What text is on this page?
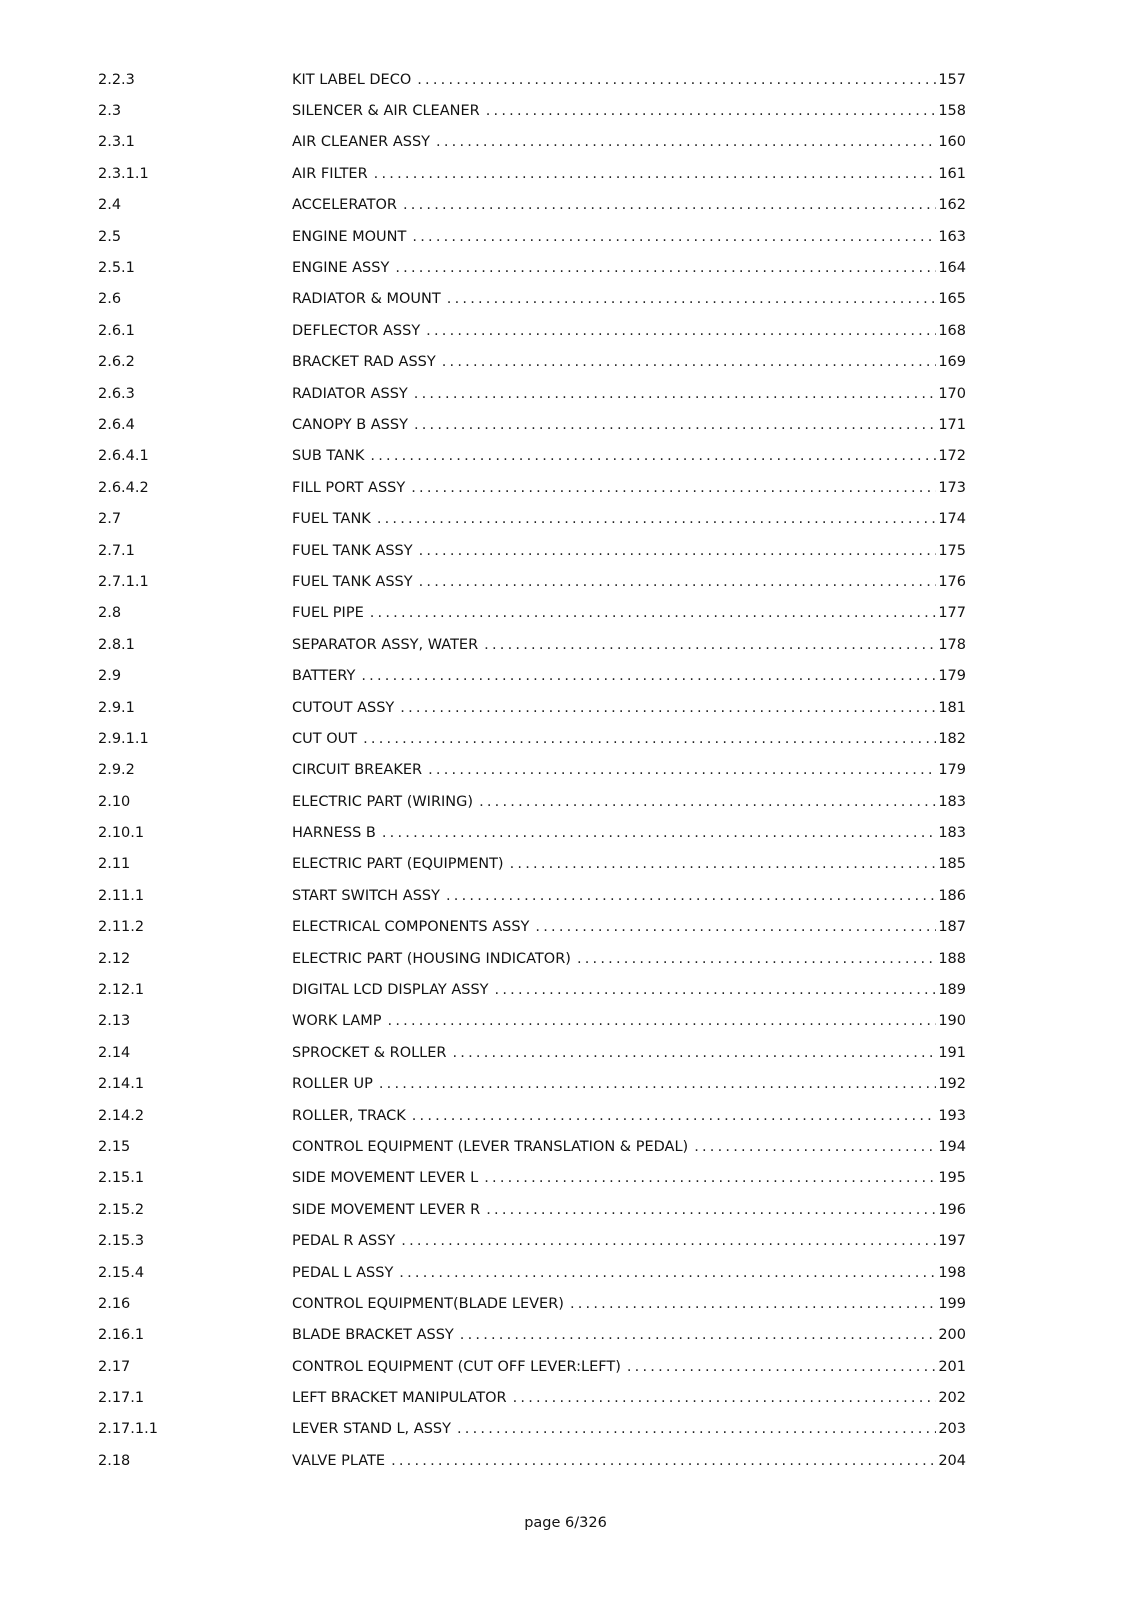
2.2.3	KIT LABEL DECO .....	157
2.3	SILENCER & AIR CLEANER .....	158
2.3.1	AIR CLEANER ASSY .....	160
2.3.1.1	AIR FILTER .....	161
2.4	ACCELERATOR .....	162
2.5	ENGINE MOUNT .....	163
2.5.1	ENGINE ASSY .....	164
2.6	RADIATOR & MOUNT .....	165
2.6.1	DEFLECTOR ASSY .....	168
2.6.2	BRACKET RAD ASSY .....	169
2.6.3	RADIATOR ASSY .....	170
2.6.4	CANOPY B ASSY .....	171
2.6.4.1	SUB TANK .....	172
2.6.4.2	FILL PORT ASSY .....	173
2.7	FUEL TANK .....	174
2.7.1	FUEL TANK ASSY .....	175
2.7.1.1	FUEL TANK ASSY .....	176
2.8	FUEL PIPE .....	177
2.8.1	SEPARATOR ASSY, WATER .....	178
2.9	BATTERY .....	179
2.9.1	CUTOUT ASSY .....	181
2.9.1.1	CUT OUT .....	182
2.9.2	CIRCUIT BREAKER .....	179
2.10	ELECTRIC PART (WIRING) .....	183
2.10.1	HARNESS B .....	183
2.11	ELECTRIC PART (EQUIPMENT) .....	185
2.11.1	START SWITCH ASSY .....	186
2.11.2	ELECTRICAL COMPONENTS ASSY .....	187
2.12	ELECTRIC PART (HOUSING INDICATOR) .....	188
2.12.1	DIGITAL LCD DISPLAY ASSY .....	189
2.13	WORK LAMP .....	190
2.14	SPROCKET & ROLLER .....	191
2.14.1	ROLLER UP .....	192
2.14.2	ROLLER, TRACK .....	193
2.15	CONTROL EQUIPMENT (LEVER TRANSLATION & PEDAL) .....	194
2.15.1	SIDE MOVEMENT LEVER L .....	195
2.15.2	SIDE MOVEMENT LEVER R .....	196
2.15.3	PEDAL R ASSY .....	197
2.15.4	PEDAL L ASSY .....	198
2.16	CONTROL EQUIPMENT(BLADE LEVER) .....	199
2.16.1	BLADE BRACKET ASSY .....	200
2.17	CONTROL EQUIPMENT (CUT OFF LEVER:LEFT) .....	201
2.17.1	LEFT BRACKET MANIPULATOR .....	202
2.17.1.1	LEVER STAND L, ASSY .....	203
2.18	VALVE PLATE .....	204
page 6/326
